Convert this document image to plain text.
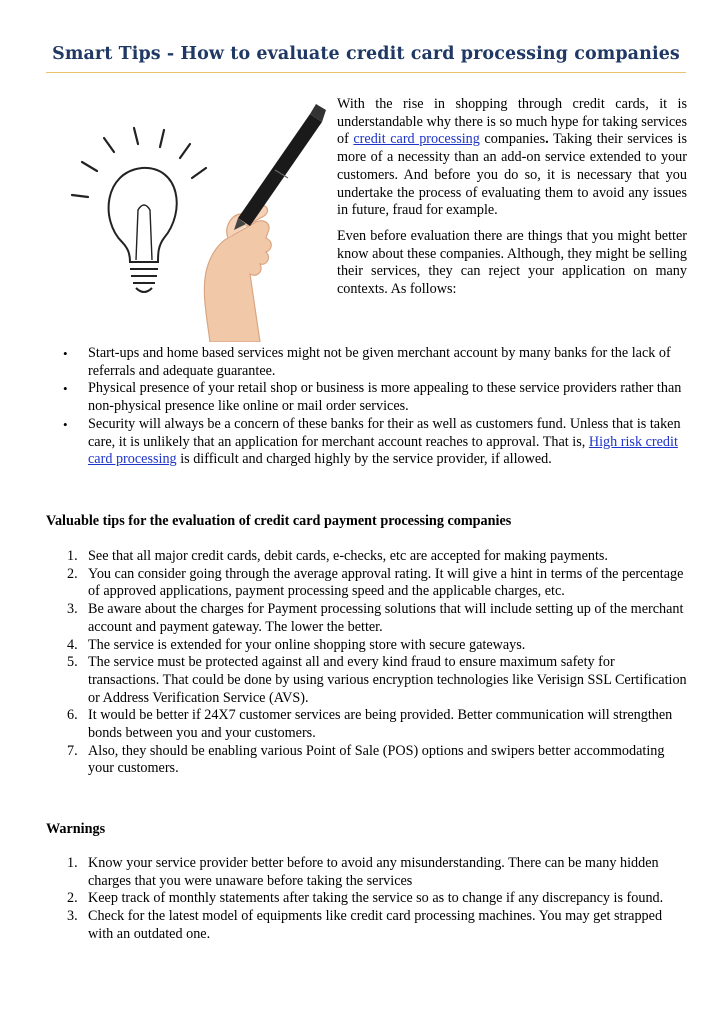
Smart Tips - How to evaluate credit card processing companies

With the rise in shopping through credit cards, it is understandable why there is so much hype for taking services of credit card processing companies. Taking their services is more of a necessity than an add-on service extended to your customers. And before you do so, it is necessary that you undertake the process of evaluating them to avoid any issues in future, fraud for example.

Even before evaluation there are things that you might better know about these companies. Although, they might be selling their services, they can reject your application on many contexts. As follows:

• Start-ups and home based services might not be given merchant account by many banks for the lack of referrals and adequate guarantee.
• Physical presence of your retail shop or business is more appealing to these service providers rather than non-physical presence like online or mail order services.
• Security will always be a concern of these banks for their as well as customers fund. Unless that is taken care, it is unlikely that an application for merchant account reaches to approval. That is, High risk credit card processing is difficult and charged highly by the service provider, if allowed.
Valuable tips for the evaluation of credit card payment processing companies
1. See that all major credit cards, debit cards, e-checks, etc are accepted for making payments.
2. You can consider going through the average approval rating. It will give a hint in terms of the percentage of approved applications, payment processing speed and the applicable charges, etc.
3. Be aware about the charges for Payment processing solutions that will include setting up of the merchant account and payment gateway. The lower the better.
4. The service is extended for your online shopping store with secure gateways.
5. The service must be protected against all and every kind fraud to ensure maximum safety for transactions. That could be done by using various encryption technologies like Verisign SSL Certification or Address Verification Service (AVS).
6. It would be better if 24X7 customer services are being provided. Better communication will strengthen bonds between you and your customers.
7. Also, they should be enabling various Point of Sale (POS) options and swipers better accommodating your customers.
Warnings
1. Know your service provider better before to avoid any misunderstanding. There can be many hidden charges that you were unaware before taking the services
2. Keep track of monthly statements after taking the service so as to change if any discrepancy is found.
3. Check for the latest model of equipments like credit card processing machines. You may get strapped with an outdated one.
